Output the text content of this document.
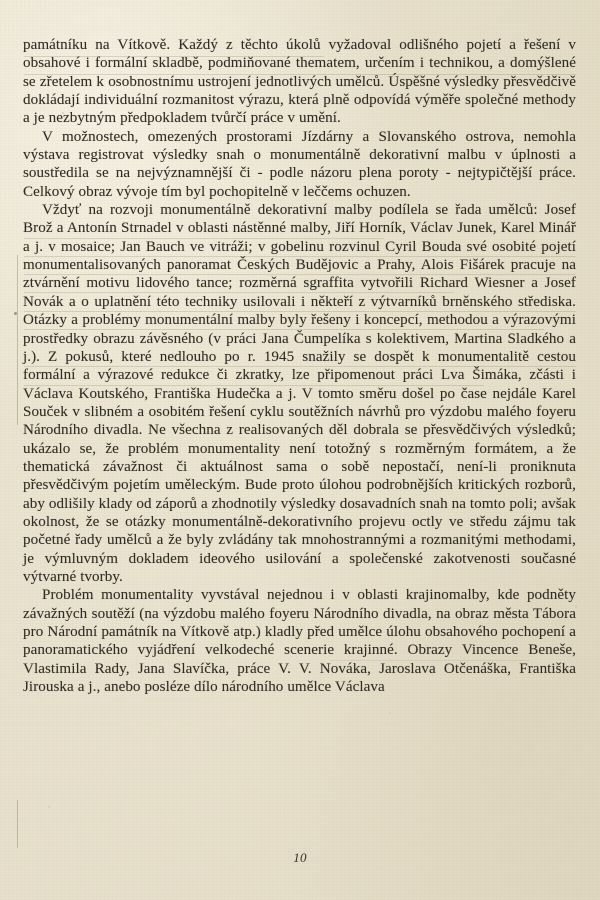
památníku na Vítkově. Každý z těchto úkolů vyžadoval odlišného pojetí a řešení v obsahové i formální skladbě, podmiňované thematem, určením i technikou, a domýšlené se zřetelem k osobnostnímu ustrojení jednotlivých umělců. Úspěšné výsledky přesvědčivě dokládají individuální rozmanitost výrazu, která plně odpovídá výměře společné methody a je nezbytným předpokladem tvůrčí práce v umění.

V možnostech, omezených prostorami Jízdárny a Slovanského ostrova, nemohla výstava registrovat výsledky snah o monumentálně dekorativní malbu v úplnosti a soustředila se na nejvýznamnější či - podle názoru plena poroty - nejtypičtější práce. Celkový obraz vývoje tím byl pochopitelně v leččems ochuzen.

Vždyť na rozvoji monumentálně dekorativní malby podílela se řada umělců: Josef Brož a Antonín Strnadel v oblasti nástěnné malby, Jiří Horník, Václav Junek, Karel Minář a j. v mosaice; Jan Bauch ve vitráži; v gobelinu rozvinul Cyril Bouda své osobité pojetí monumentalisovaných panoramat Českých Budějovic a Prahy, Alois Fišárek pracuje na ztvárnění motivu lidového tance; rozměrná sgraffita vytvořili Richard Wiesner a Josef Novák a o uplatnění této techniky usilovali i někteří z výtvarníků brněnského střediska. Otázky a problémy monumentální malby byly řešeny i koncepcí, methodou a výrazovými prostředky obrazu závěsného (v práci Jana Čumpelíka s kolektivem, Martina Sladkého a j.). Z pokusů, které nedlouho po r. 1945 snažily se dospět k monumentalitě cestou formální a výrazové redukce či zkratky, lze připomenout práci Lva Šimáka, zčásti i Václava Koutského, Františka Hudečka a j. V tomto směru došel po čase nejdále Karel Souček v slibném a osobitém řešení cyklu soutěžních návrhů pro výzdobu malého foyeru Národního divadla. Ne všechna z realisovaných děl dobrala se přesvědčivých výsledků; ukázalo se, že problém monumentality není totožný s rozměrným formátem, a že thematická závažnost či aktuálnost sama o sobě nepostačí, není-li proniknuta přesvědčivým pojetím uměleckým. Bude proto úlohou podrobnějších kritických rozborů, aby odlišily klady od záporů a zhodnotily výsledky dosavadních snah na tomto poli; avšak okolnost, že se otázky monumentálně-dekorativního projevu octly ve středu zájmu tak početné řady umělců a že byly zvládány tak mnohostrannými a rozmanitými methodami, je výmluvným dokladem ideového usilování a společenské zakotvenosti současné výtvarné tvorby.

Problém monumentality vyvstával nejednou i v oblasti krajinomalby, kde podněty závažných soutěží (na výzdobu malého foyeru Národního divadla, na obraz města Tábora pro Národní památník na Vítkově atp.) kladly před umělce úlohu obsahového pochopení a panoramatického vyjádření velkodeché scenerie krajinné. Obrazy Vincence Beneše, Vlastimila Rady, Jana Slavíčka, práce V. V. Nováka, Jaroslava Otčenáška, Františka Jirouska a j., anebo posléze dílo národního umělce Václava

10
